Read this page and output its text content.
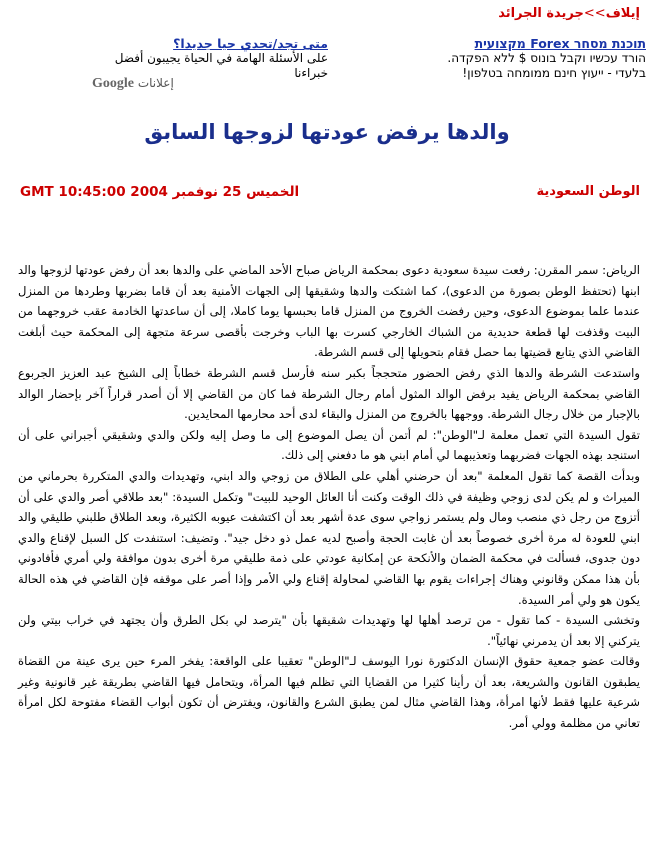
إيلاف>>جريدة الجرائد
תוכנת מסחר Forex מקצועית
הורד עכשיו וקבל בונוס $ ללא הפקדה.
בלעדי - ייעוץ חינם ממומחה בטלפון!
متى تجد/تحدي حيا جديدا؟
على الأسئلة الهامة في الحياة يجيبون أفضل
خبراءنا
Google إعلانات
والدها يرفض عودتها لزوجها السابق
الوطن السعودية
الخميس 25 نوفمبر 2004 GMT 10:45:00

الرياض: سمر المقرن: رفعت سيدة سعودية دعوى بمحكمة الرياض صباح الأحد الماضي على والدها بعد أن رفض عودتها لزوجها والد ابنها (تحتفظ الوطن بصورة من الدعوى)، كما اشتكت والدها وشقيقها إلى الجهات الأمنية بعد أن قاما بضربها وطردها من المنزل عندما علما بموضوع الدعوى، وحين رفضت الخروج من المنزل قاما بحبسها يوما كاملا، إلى أن ساعدتها الخادمة عقب خروجهما من البيت وقذفت لها قطعة حديدية من الشباك الخارجي كسرت بها الباب وخرجت بأقصى سرعة متجهة إلى المحكمة حيث أبلغت القاضي الذي يتابع قضيتها بما حصل فقام بتحويلها إلى قسم الشرطة.

واستدعت الشرطة والدها الذي رفض الحضور متحججاً بكبر سنه فأرسل قسم الشرطة خطاباً إلى الشيخ عبد العزيز الجربوع القاضي بمحكمة الرياض يفيد برفض الوالد المثول أمام رجال الشرطة فما كان من القاضي إلا أن أصدر قراراً آخر بإحضار الوالد بالإجبار من خلال رجال الشرطة. ووجهها بالخروج من المنزل والبقاء لدى أحد محارمها المحايدين.

تقول السيدة التي تعمل معلمة لـ"الوطن": لم أتمن أن يصل الموضوع إلى ما وصل إليه ولكن والدي وشقيقي أجبراني على أن استنجد بهذه الجهات فضربهما وتعذيبهما لي أمام ابني هو ما دفعني إلى ذلك.

وبدأت القصة كما تقول المعلمة "بعد أن حرضني أهلي على الطلاق من زوجي والد ابني، وتهديدات والدي المتكررة بحرماني من الميراث و لم يكن لدى زوجي وظيفة في ذلك الوقت وكنت أنا العائل الوحيد للبيت" وتكمل السيدة: "بعد طلاقي أصر والدي على أن أتزوج من رجل ذي منصب ومال ولم يستمر زواجي سوى عدة أشهر بعد أن اكتشفت عيوبه الكثيرة، وبعد الطلاق طلبني طليقي والد ابني للعودة له مرة أخرى خصوصاً بعد أن غابت الحجة وأصبح لديه عمل ذو دخل جيد". وتضيف: استنفدت كل السبل لإقناع والدي دون جدوى، فسألت في محكمة الضمان والأنكحة عن إمكانية عودتي على ذمة طليقي مرة أخرى بدون موافقة ولي أمري فأفادوني بأن هذا ممكن وقانوني وهناك إجراءات يقوم بها القاضي لمحاولة إقناع ولي الأمر وإذا أصر على موقفه فإن القاضي في هذه الحالة يكون هو ولي أمر السيدة.

وتخشى السيدة - كما تقول - من ترصد أهلها لها وتهديدات شقيقها بأن "يترصد لي بكل الطرق وأن يجتهد في خراب بيتي ولن يتركني إلا بعد أن يدمرني نهائياً".

وقالت عضو جمعية حقوق الإنسان الدكتورة نورا اليوسف لـ"الوطن" تعقيبا على الواقعة: يفخر المرء حين يرى عينة من القضاة يطبقون القانون والشريعة، بعد أن رأينا كثيرا من القضايا التي تظلم فيها المرأة، ويتحامل فيها القاضي بطريقة غير قانونية وغير شرعية عليها فقط لأنها امرأة، وهذا القاضي مثال لمن يطبق الشرع والقانون، ويفترض أن تكون أبواب القضاء مفتوحة لكل امرأة تعاني من مظلمة وولي أمر.
